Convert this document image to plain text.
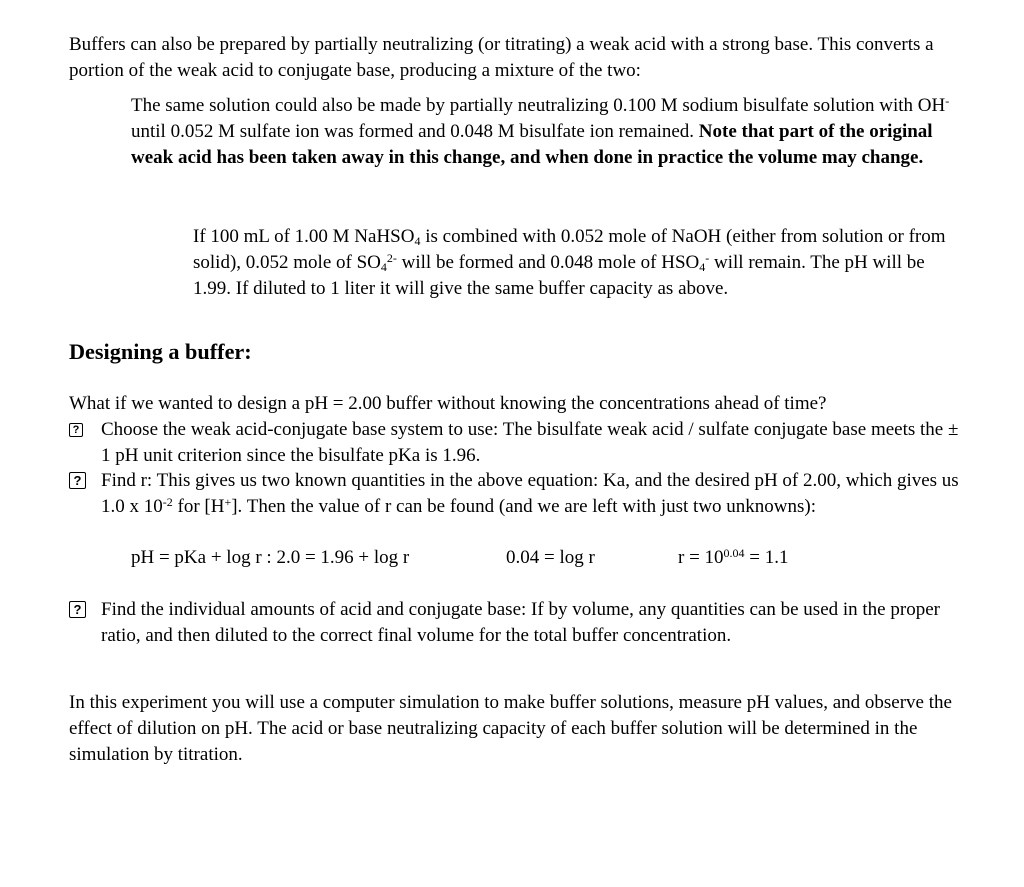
Buffers can also be prepared by partially neutralizing (or titrating) a weak acid with a strong base. This converts a portion of the weak acid to conjugate base, producing a mixture of the two:

The same solution could also be made by partially neutralizing 0.100 M sodium bisulfate solution with OH- until 0.052 M sulfate ion was formed and 0.048 M bisulfate ion remained. Note that part of the original weak acid has been taken away in this change, and when done in practice the volume may change.

If 100 mL of 1.00 M NaHSO$_4$ is combined with 0.052 mole of NaOH (either from solution or from solid), 0.052 mole of $SO_4^{2-}$ will be formed and 0.048 mole of $HSO_4^-$ will remain. The pH will be 1.99. If diluted to 1 liter it will give the same buffer capacity as above.

Designing a buffer:

What if we wanted to design a pH = 2.00 buffer without knowing the concentrations ahead of time?

? Choose the weak acid-conjugate base system to use: The bisulfate weak acid / sulfate conjugate base meets the ± 1 pH unit criterion since the bisulfate pKa is 1.96.
? Find r: This gives us two known quantities in the above equation: Ka, and the desired pH of 2.00, which gives us 1.0 x $10^{-2}$ for [H+]. Then the value of r can be found (and we are left with just two unknowns):
pH = pKa + log r : 2.0 = 1.96 + log r	0.04 = log r	$r = 10^{0.04} = 1.1$
? Find the individual amounts of acid and conjugate base: If by volume, any quantities can be used in the proper ratio, and then diluted to the correct final volume for the total buffer concentration.

In this experiment you will use a computer simulation to make buffer solutions, measure pH values, and observe the effect of dilution on pH. The acid or base neutralizing capacity of each buffer solution will be determined in the simulation by titration.
